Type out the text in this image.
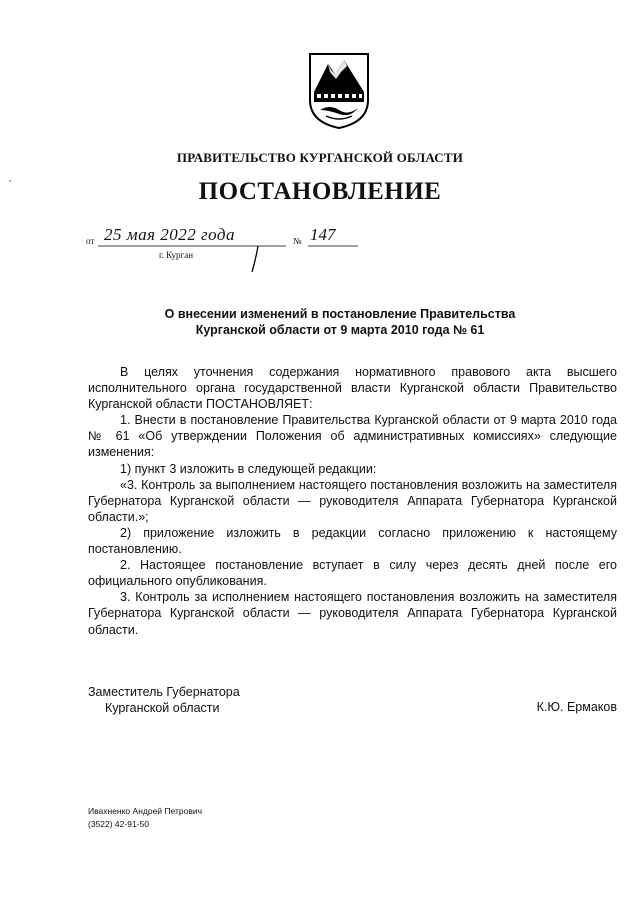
ПРАВИТЕЛЬСТВО КУРГАНСКОЙ ОБЛАСТИ
ПОСТАНОВЛЕНИЕ
от 25 мая 2022 года	№ 147
г. Курган
О внесении изменений в постановление Правительства
Курганской области от 9 марта 2010 года № 61

В целях уточнения содержания нормативного правового акта высшего исполнительного органа государственной власти Курганской области Правительство Курганской области ПОСТАНОВЛЯЕТ:

1. Внести в постановление Правительства Курганской области от 9 марта 2010 года № 61 «Об утверждении Положения об административных комиссиях» следующие изменения:

1) пункт 3 изложить в следующей редакции:

«3. Контроль за выполнением настоящего постановления возложить на заместителя Губернатора Курганской области — руководителя Аппарата Губернатора Курганской области.»;

2) приложение изложить в редакции согласно приложению к настоящему постановлению.

2. Настоящее постановление вступает в силу через десять дней после его официального опубликования.

3. Контроль за исполнением настоящего постановления возложить на заместителя Губернатора Курганской области — руководителя Аппарата Губернатора Курганской области.

Заместитель Губернатора
Курганской области	К.Ю. Ермаков
Ивахненко Андрей Петрович
(3522) 42-91-50
